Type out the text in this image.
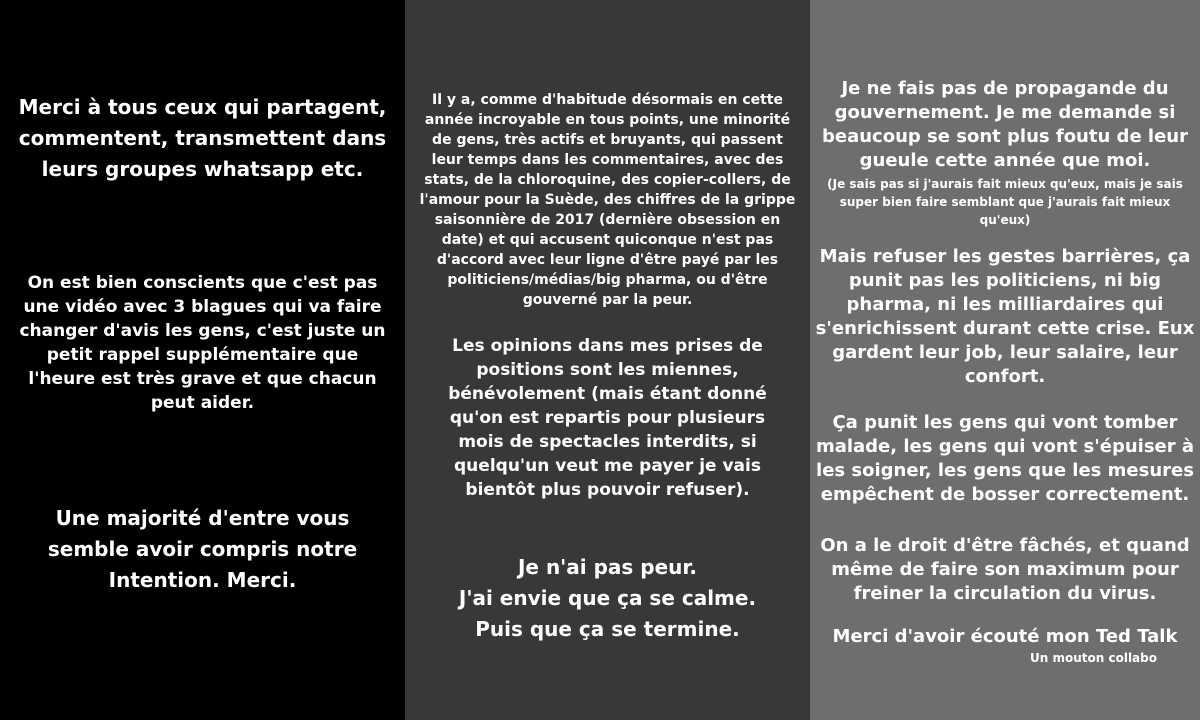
Merci à tous ceux qui partagent,
commentent, transmettent dans
leurs groupes whatsapp etc.

On est bien conscients que c'est pas
une vidéo avec 3 blagues qui va faire
changer d'avis les gens, c'est juste un
petit rappel supplémentaire que
l'heure est très grave et que chacun
peut aider.

Une majorité d'entre vous
semble avoir compris notre
Intention. Merci.

Il y a, comme d'habitude désormais en cette
année incroyable en tous points, une minorité
de gens, très actifs et bruyants, qui passent
leur temps dans les commentaires, avec des
stats, de la chloroquine, des copier-collers, de
l'amour pour la Suède, des chiffres de la grippe
saisonnière de 2017 (dernière obsession en
date) et qui accusent quiconque n'est pas
d'accord avec leur ligne d'être payé par les
politiciens/médias/big pharma, ou d'être
gouverné par la peur.

Les opinions dans mes prises de
positions sont les miennes,
bénévolement (mais étant donné
qu'on est repartis pour plusieurs
mois de spectacles interdits, si
quelqu'un veut me payer je vais
bientôt plus pouvoir refuser).

Je n'ai pas peur.
J'ai envie que ça se calme.
Puis que ça se termine.

Je ne fais pas de propagande du
gouvernement. Je me demande si
beaucoup se sont plus foutu de leur
gueule cette année que moi.

(Je sais pas si j'aurais fait mieux qu'eux, mais je sais
super bien faire semblant que j'aurais fait mieux
qu'eux)

Mais refuser les gestes barrières, ça
punit pas les politiciens, ni big
pharma, ni les milliardaires qui
s'enrichissent durant cette crise. Eux
gardent leur job, leur salaire, leur
confort.

Ça punit les gens qui vont tomber
malade, les gens qui vont s'épuiser à
les soigner, les gens que les mesures
empêchent de bosser correctement.

On a le droit d'être fâchés, et quand
même de faire son maximum pour
freiner la circulation du virus.

Merci d'avoir écouté mon Ted Talk

Un mouton collabo
